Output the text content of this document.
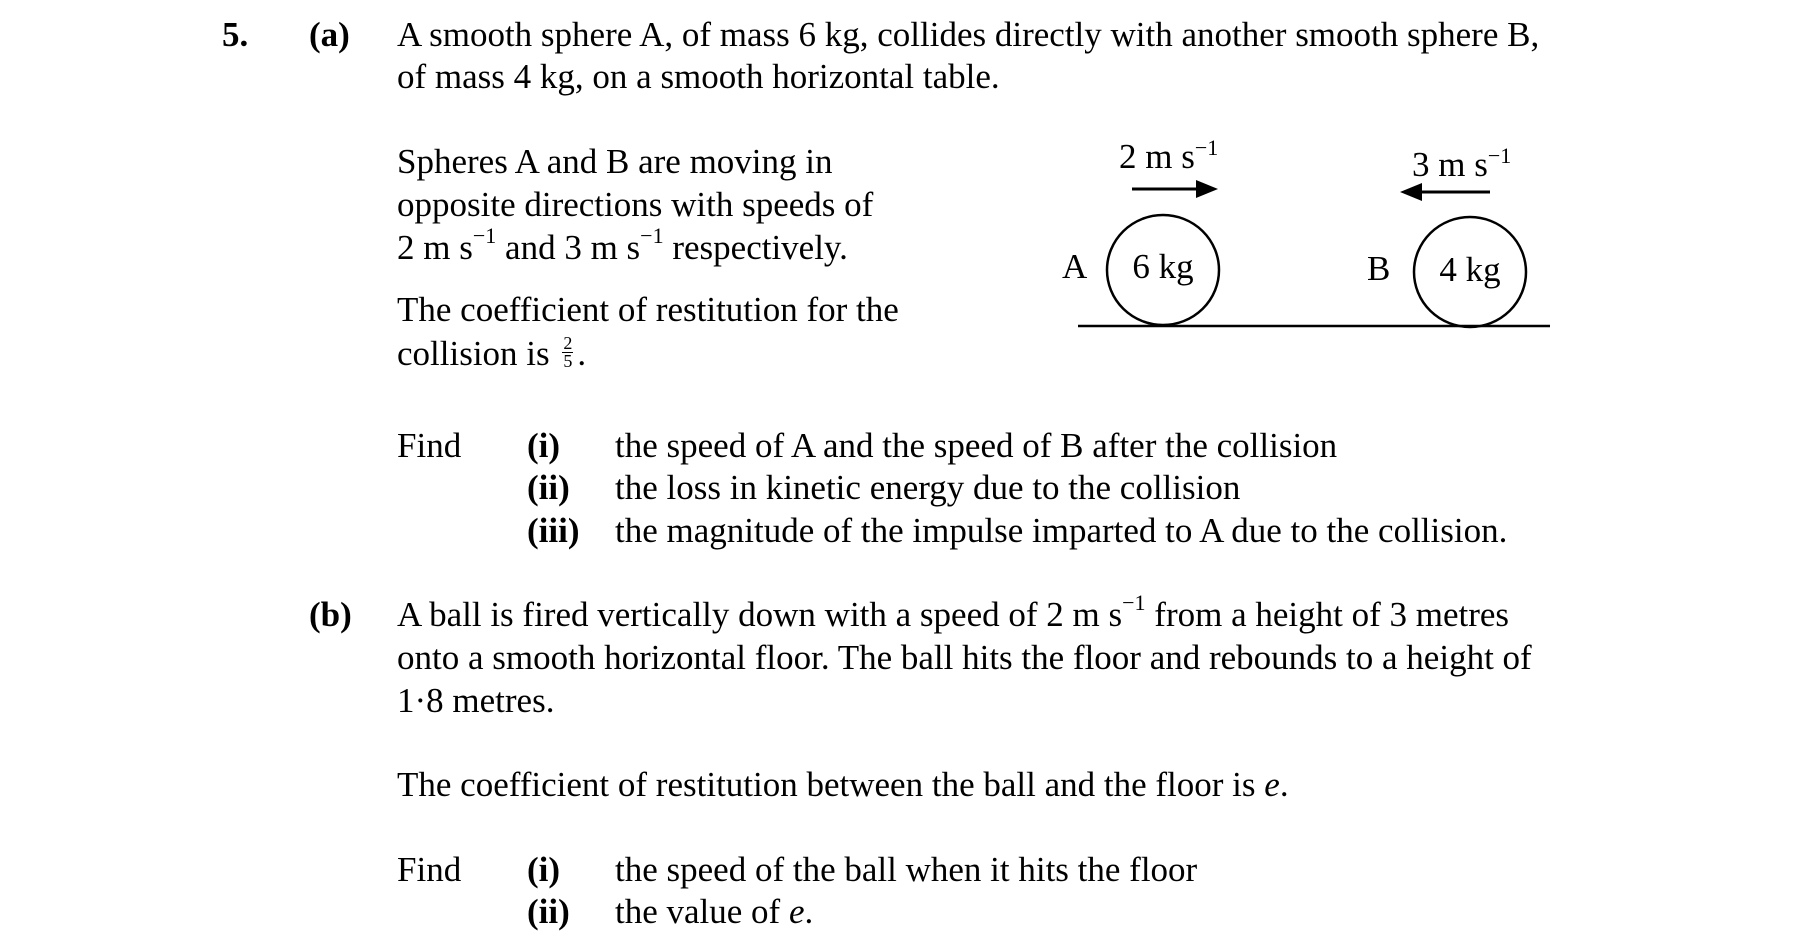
5. (a) A smooth sphere A, of mass 6 kg, collides directly with another smooth sphere B,
of mass 4 kg, on a smooth horizontal table.
Spheres A and B are moving in
opposite directions with speeds of
2 m $s^{-1}$ and 3 m $s^{-1}$ respectively.
The coefficient of restitution for the
collision is $\frac{2}{5}$ .
A 6 kg
2 m $s^{-1}$
B 4 kg
3 m $s^{-1}$
Find (i) the speed of A and the speed of B after the collision
(ii) the loss in kinetic energy due to the collision
(iii) the magnitude of the impulse imparted to A due to the collision.
(b) A ball is fired vertically down with a speed of 2 m $s^{-1}$ from a height of 3 metres
onto a smooth horizontal floor. The ball hits the floor and rebounds to a height of
1·8 metres.
The coefficient of restitution between the ball and the floor is e.
Find (i) the speed of the ball when it hits the floor
(ii) the value of e.
